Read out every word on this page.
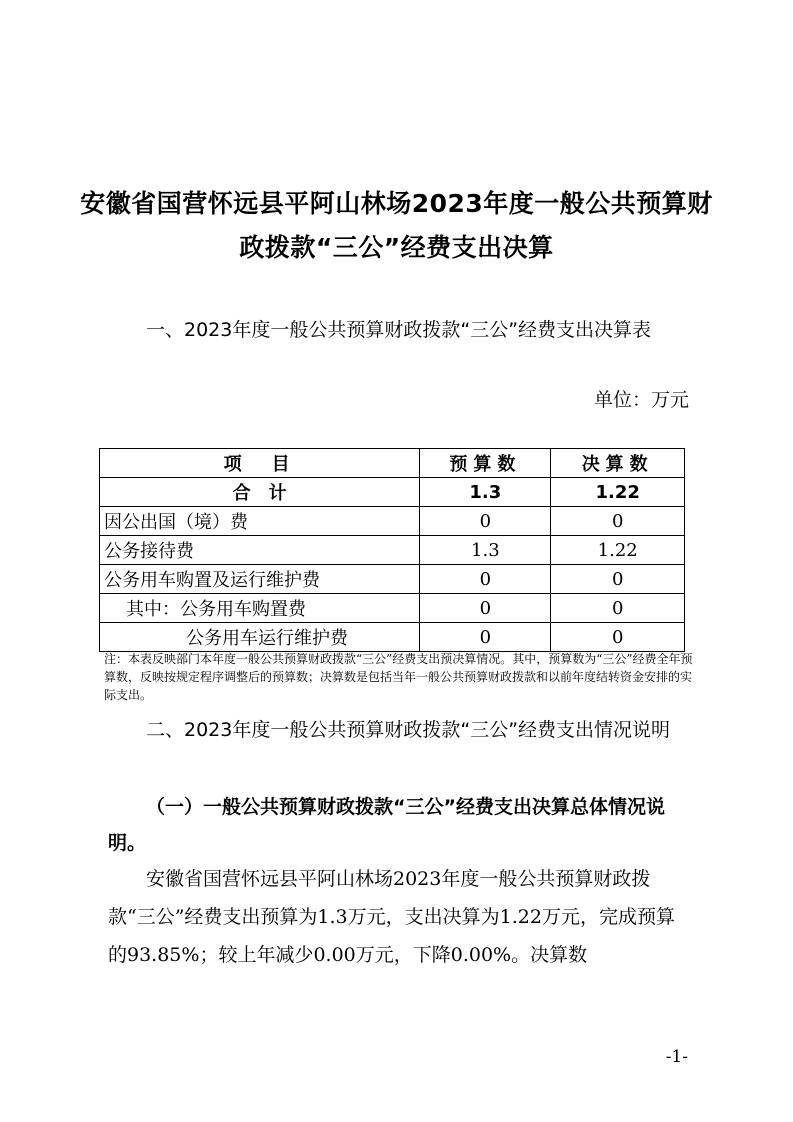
安徽省国营怀远县平阿山林场2023年度一般公共预算财
政拨款“三公”经费支出决算
一、2023年度一般公共预算财政拨款“三公”经费支出决算表
单位：万元
项　目	预算数	决算数
合　计	1.3	1.22
因公出国（境）费	0	0
公务接待费	1.3	1.22
公务用车购置及运行维护费	0	0
其中：公务用车购置费	0	0
公务用车运行维护费	0	0
注：本表反映部门本年度一般公共预算财政拨款“三公”经费支出预决算情况。其中，预算数为“三公”经费全年预算数，反映按规定程序调整后的预算数；决算数是包括当年一般公共预算财政拨款和以前年度结转资金安排的实际支出。
二、2023年度一般公共预算财政拨款“三公”经费支出情况说明
（一）一般公共预算财政拨款“三公”经费支出决算总体情况说明。
安徽省国营怀远县平阿山林场2023年度一般公共预算财政拨款“三公”经费支出预算为1.3万元，支出决算为1.22万元，完成预算的93.85%；较上年减少0.00万元，下降0.00%。决算数
-1-
